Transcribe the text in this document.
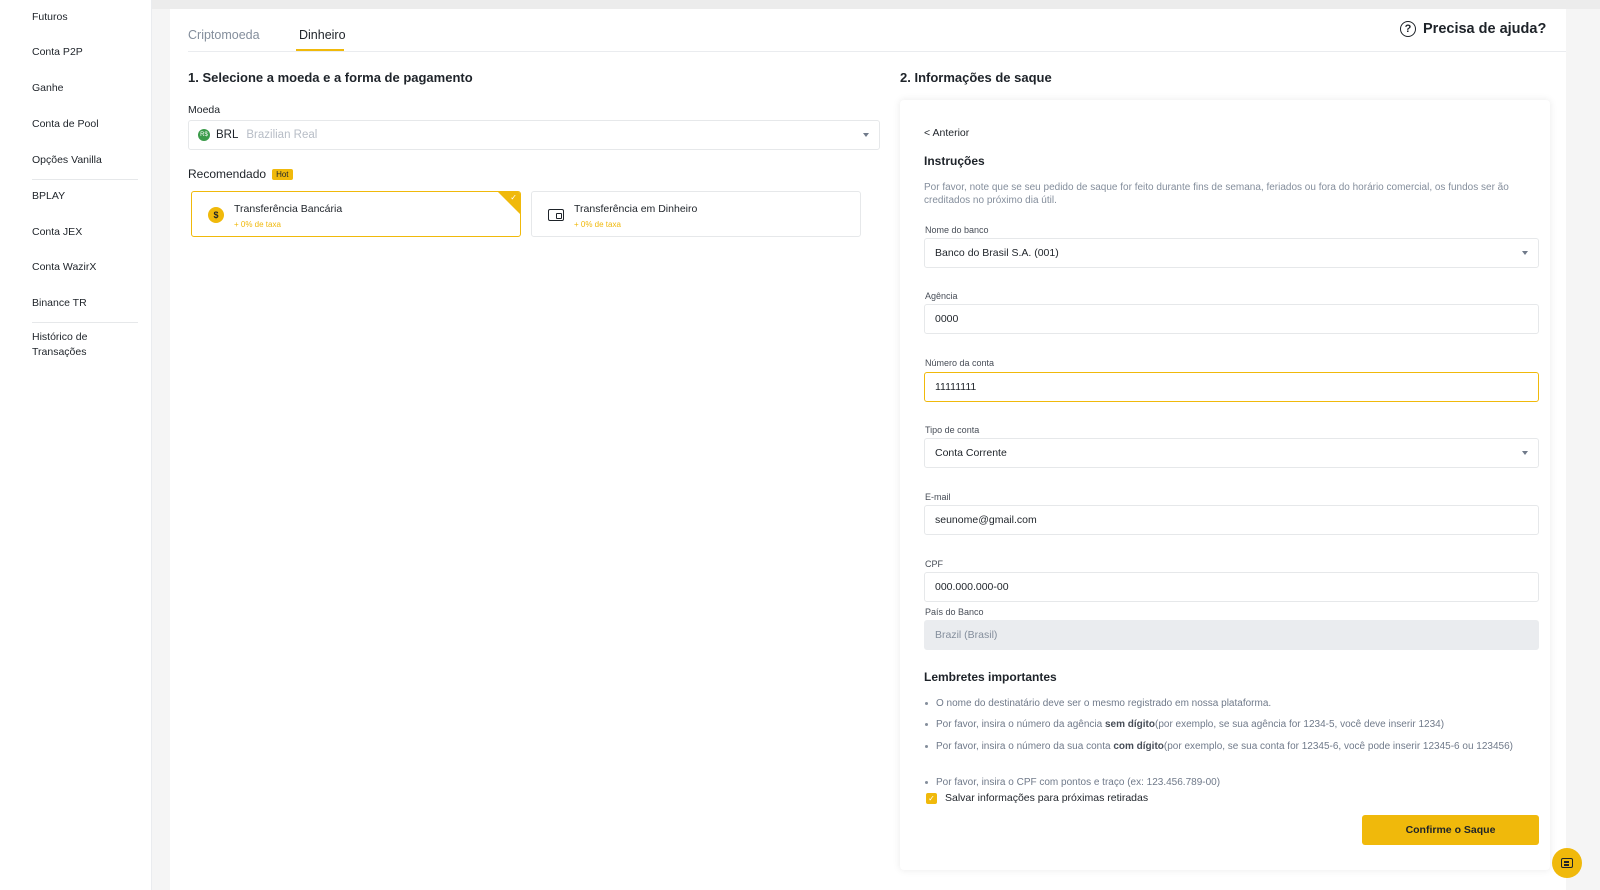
Futuros
Conta P2P
Ganhe
Conta de Pool
Opções Vanilla
BPLAY
Conta JEX
Conta WazirX
Binance TR
Histórico de
Transações
Criptomoeda	Dinheiro	? Precisa de ajuda?
1. Selecione a moeda e a forma de pagamento
Moeda
R$ BRL Brazilian Real
Recomendado	Hot
$	Transferência Bancária
+ 0% de taxa
✓
Transferência em Dinheiro
+ 0% de taxa
2. Informações de saque
< Anterior
Instruções
Por favor, note que se seu pedido de saque for feito durante fins de semana, feriados ou fora do horário comercial, os fundos ser ão creditados no próximo dia útil.
Nome do banco
Banco do Brasil S.A. (001)
Agência
0000
Número da conta
11111111
Tipo de conta
Conta Corrente
E-mail
seunome@gmail.com
CPF
000.000.000-00
País do Banco
Brazil (Brasil)
Lembretes importantes
O nome do destinatário deve ser o mesmo registrado em nossa plataforma.
Por favor, insira o número da agência sem dígito(por exemplo, se sua agência for 1234-5, você deve inserir 1234)
Por favor, insira o número da sua conta com dígito(por exemplo, se sua conta for 12345-6, você pode inserir 12345-6 ou 123456)
Por favor, insira o CPF com pontos e traço (ex: 123.456.789-00)
✓ Salvar informações para próximas retiradas
Confirme o Saque
